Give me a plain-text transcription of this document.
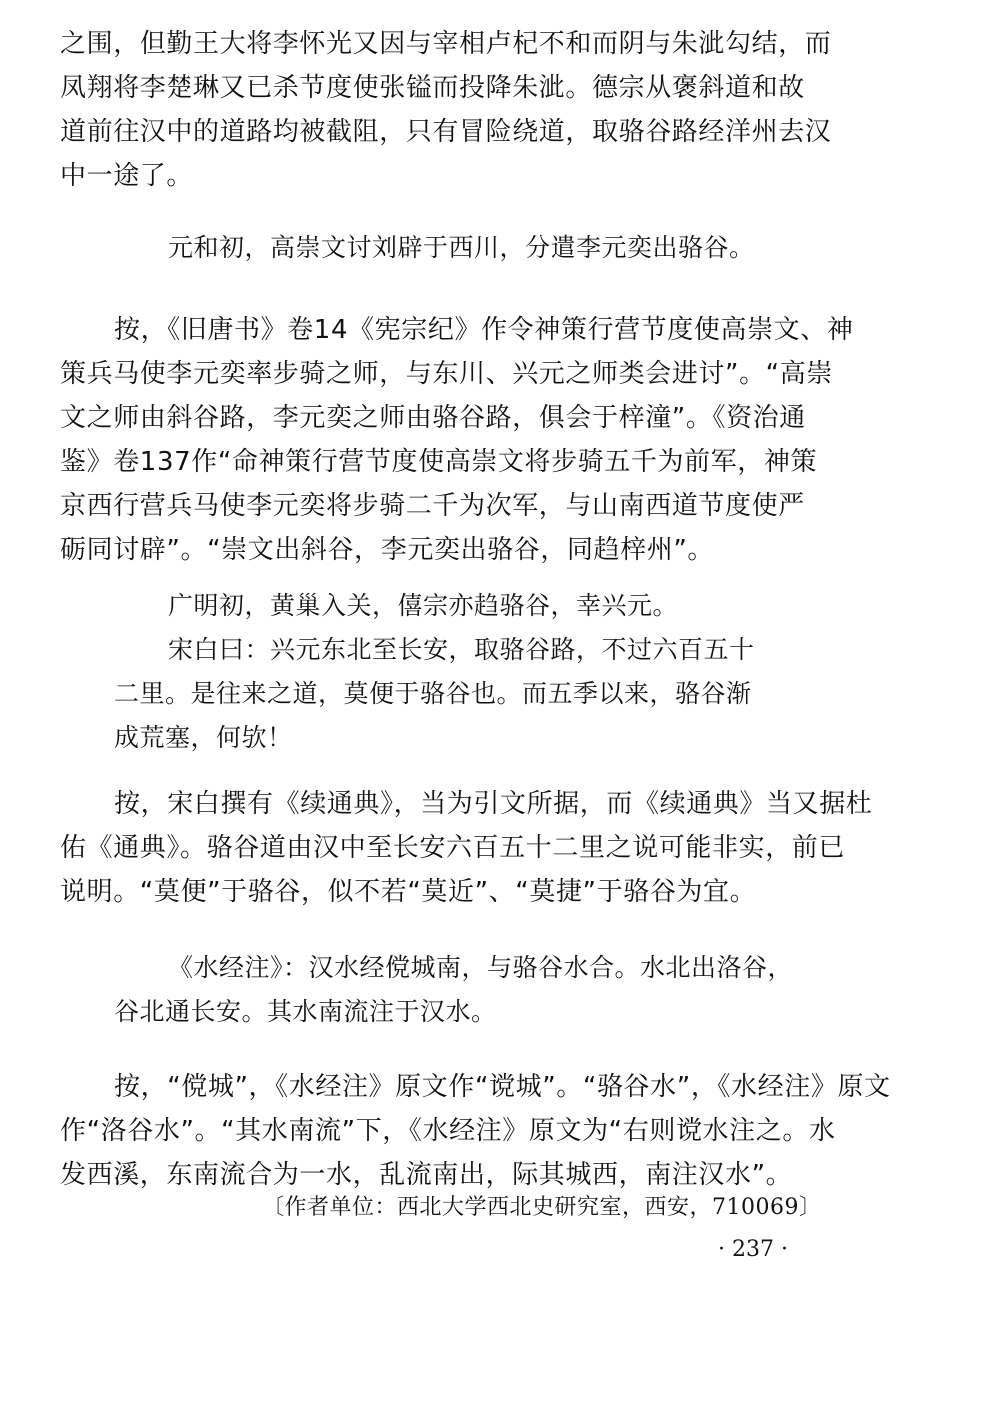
之围，但勤王大将李怀光又因与宰相卢杞不和而阴与朱泚勾结，而
凤翔将李楚琳又已杀节度使张镒而投降朱泚。德宗从褒斜道和故
道前往汉中的道路均被截阻，只有冒险绕道，取骆谷路经洋州去汉
中一途了。
元和初，高崇文讨刘辟于西川，分遣李元奕出骆谷。
按，《旧唐书》卷14《宪宗纪》作令神策行营节度使高崇文、神
策兵马使李元奕率步骑之师，与东川、兴元之师类会进讨”。“高崇
文之师由斜谷路，李元奕之师由骆谷路，俱会于梓潼”。《资治通
鉴》卷137作“命神策行营节度使高崇文将步骑五千为前军，神策
京西行营兵马使李元奕将步骑二千为次军，与山南西道节度使严
砺同讨辟”。“崇文出斜谷，李元奕出骆谷，同趋梓州”。
广明初，黄巢入关，僖宗亦趋骆谷，幸兴元。
宋白曰：兴元东北至长安，取骆谷路，不过六百五十
二里。是往来之道，莫便于骆谷也。而五季以来，骆谷渐
成荒塞，何欤！
按，宋白撰有《续通典》，当为引文所据，而《续通典》当又据杜
佑《通典》。骆谷道由汉中至长安六百五十二里之说可能非实，前已
说明。“莫便”于骆谷，似不若“莫近”、“莫捷”于骆谷为宜。
《水经注》：汉水经傥城南，与骆谷水合。水北出洛谷，
谷北通长安。其水南流注于汉水。
按，“傥城”，《水经注》原文作“谠城”。“骆谷水”，《水经注》原文
作“洛谷水”。“其水南流”下，《水经注》原文为“右则谠水注之。水
发西溪，东南流合为一水，乱流南出，际其城西，南注汉水”。
〔作者单位：西北大学西北史研究室，西安，710069〕
· 237 ·
